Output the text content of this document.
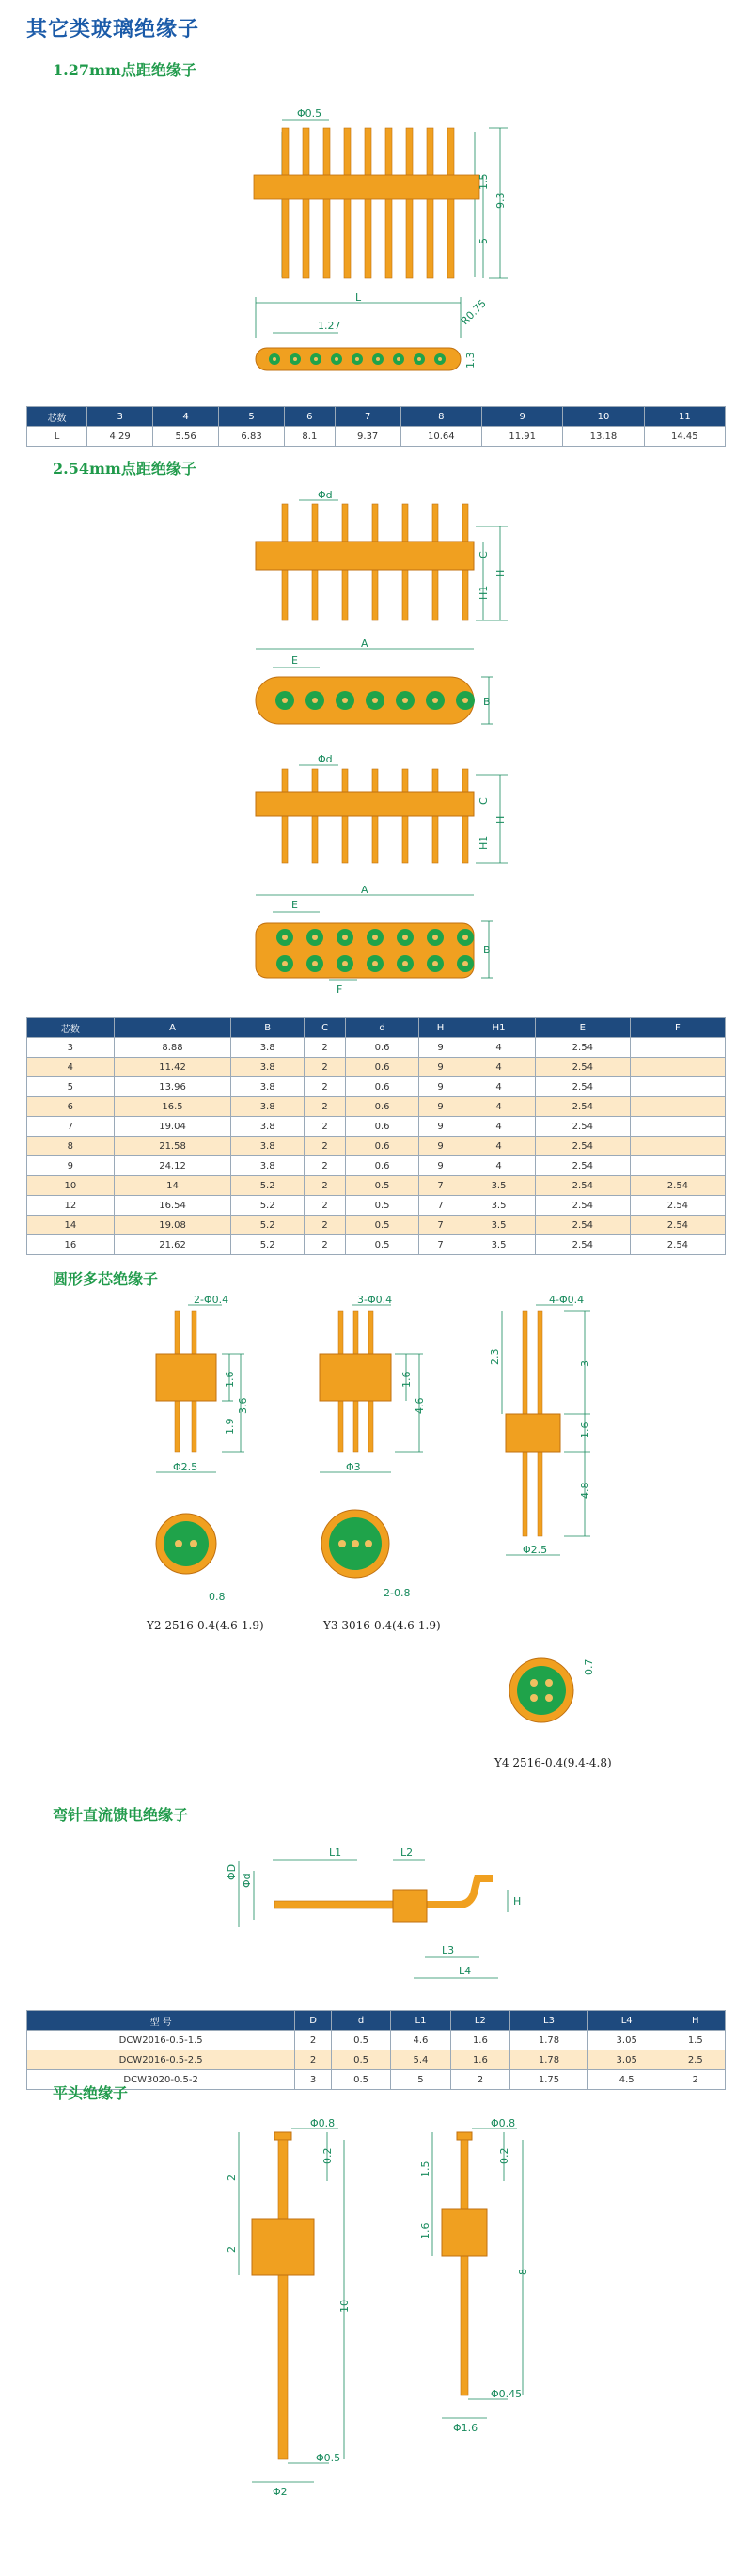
其它类玻璃绝缘子
1.27mm点距绝缘子
Φ0.5
1.5
5
9.3
L
1.27	R0.75
1.3
芯数	3	4	5	6	7	8	9	10	11
L	4.29	5.56	6.83	8.1	9.37	10.64	11.91	13.18	14.45
2.54mm点距绝缘子
Φd
C
H
H1
A
E
B
Φd
C
H
H1
A
E
B
F
芯数	A	B	C	d	H	H1	E	F
3	8.88	3.8	2	0.6	9	4	2.54	
4	11.42	3.8	2	0.6	9	4	2.54	
5	13.96	3.8	2	0.6	9	4	2.54	
6	16.5	3.8	2	0.6	9	4	2.54	
7	19.04	3.8	2	0.6	9	4	2.54	
8	21.58	3.8	2	0.6	9	4	2.54	
9	24.12	3.8	2	0.6	9	4	2.54	
10	14	5.2	2	0.5	7	3.5	2.54	2.54
12	16.54	5.2	2	0.5	7	3.5	2.54	2.54
14	19.08	5.2	2	0.5	7	3.5	2.54	2.54
16	21.62	5.2	2	0.5	7	3.5	2.54	2.54
圆形多芯绝缘子
2-Φ0.4
1.6
1.9
3.6
Φ2.5
0.8
3-Φ0.4
1.6
4.6
Φ3
2-0.8
4-Φ0.4
2.3	3
1.6
4.8
Φ2.5
0.7
Y2 2516-0.4(4.6-1.9)	Y3 3016-0.4(4.6-1.9)
Y4 2516-0.4(9.4-4.8)
弯针直流馈电绝缘子
L1	L2
ΦD
Φd
L3
L4
H
型 号	D	d	L1	L2	L3	L4	H
DCW2016-0.5-1.5	2	0.5	4.6	1.6	1.78	3.05	1.5
DCW2016-0.5-2.5	2	0.5	5.4	1.6	1.78	3.05	2.5
DCW3020-0.5-2	3	0.5	5	2	1.75	4.5	2
平头绝缘子
Φ0.8
2
2
0.2
10
Φ0.5
Φ2
Φ0.8
1.5
1.6
0.2
8
Φ0.45
Φ1.6
